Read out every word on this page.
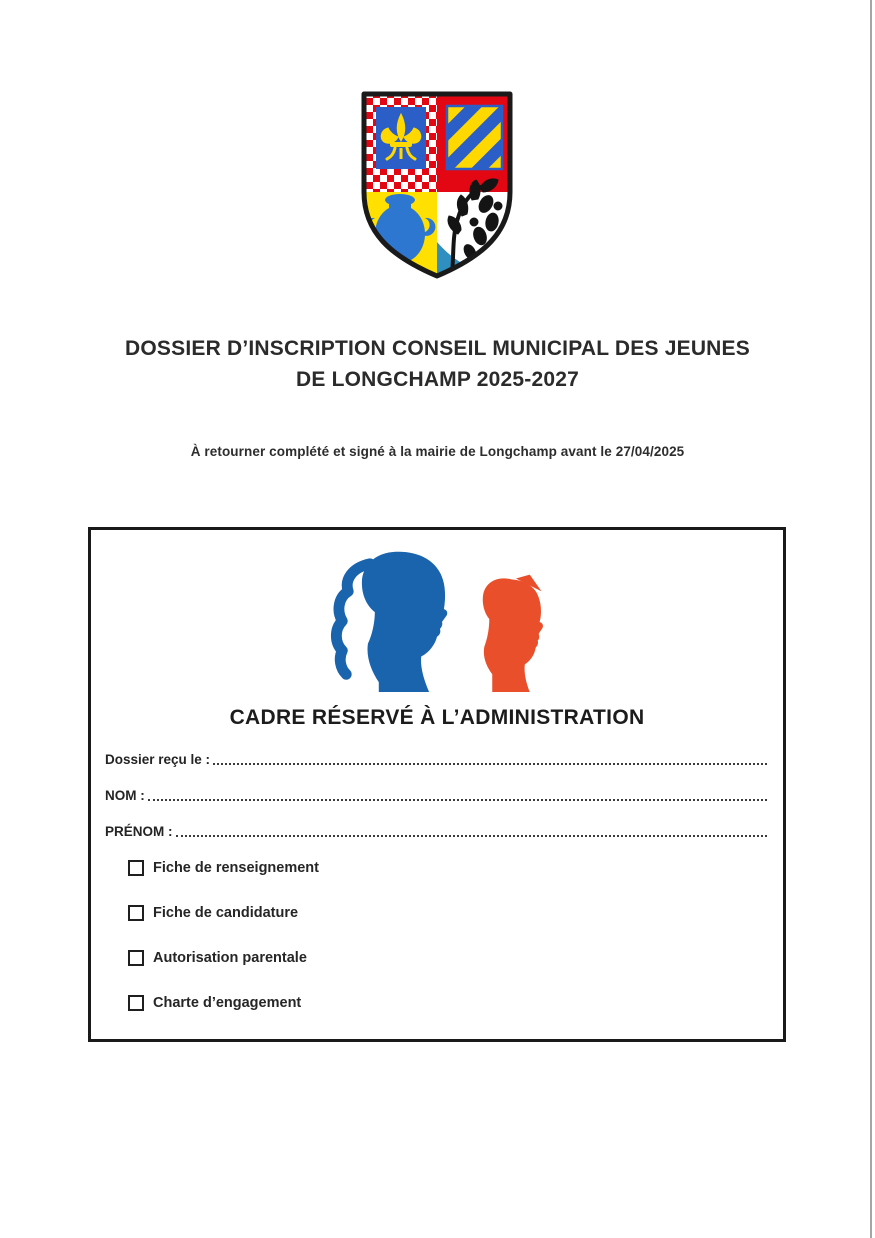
DOSSIER D’INSCRIPTION CONSEIL MUNICIPAL DES JEUNES
DE LONGCHAMP 2025-2027
À retourner complété et signé à la mairie de Longchamp avant le 27/04/2025
CADRE RÉSERVÉ À L’ADMINISTRATION
Dossier reçu le :
NOM :
PRÉNOM :
Fiche de renseignement
Fiche de candidature
Autorisation parentale
Charte d’engagement
